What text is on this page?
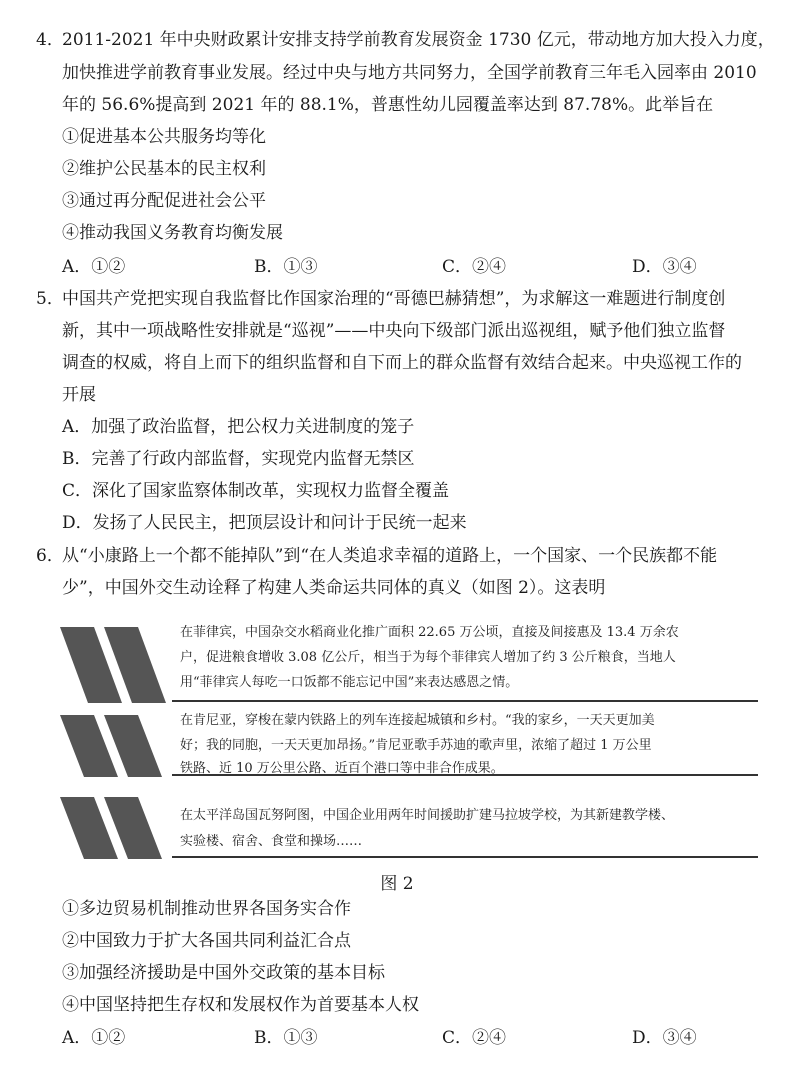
4．
2011-2021 年中央财政累计安排支持学前教育发展资金 1730 亿元，带动地方加大投入力度，
加快推进学前教育事业发展。经过中央与地方共同努力，全国学前教育三年毛入园率由 2010
年的 56.6%提高到 2021 年的 88.1%，普惠性幼儿园覆盖率达到 87.78%。此举旨在
①促进基本公共服务均等化
②维护公民基本的民主权利
③通过再分配促进社会公平
④推动我国义务教育均衡发展
A．①②	B．①③	C．②④	D．③④
5．
中国共产党把实现自我监督比作国家治理的“哥德巴赫猜想”，为求解这一难题进行制度创
新，其中一项战略性安排就是“巡视”——中央向下级部门派出巡视组，赋予他们独立监督
调查的权威，将自上而下的组织监督和自下而上的群众监督有效结合起来。中央巡视工作的
开展
A．加强了政治监督，把公权力关进制度的笼子
B．完善了行政内部监督，实现党内监督无禁区
C．深化了国家监察体制改革，实现权力监督全覆盖
D．发扬了人民民主，把顶层设计和问计于民统一起来
6．
从“小康路上一个都不能掉队”到“在人类追求幸福的道路上，一个国家、一个民族都不能
少”，中国外交生动诠释了构建人类命运共同体的真义（如图 2）。这表明
在菲律宾，中国杂交水稻商业化推广面积 22.65 万公顷，直接及间接惠及 13.4 万余农
户，促进粮食增收 3.08 亿公斤，相当于为每个菲律宾人增加了约 3 公斤粮食，当地人
用“菲律宾人每吃一口饭都不能忘记中国”来表达感恩之情。
在肯尼亚，穿梭在蒙内铁路上的列车连接起城镇和乡村。“我的家乡，一天天更加美
好；我的同胞，一天天更加昂扬。”肯尼亚歌手苏迪的歌声里，浓缩了超过 1 万公里
铁路、近 10 万公里公路、近百个港口等中非合作成果。
在太平洋岛国瓦努阿图，中国企业用两年时间援助扩建马拉坡学校，为其新建教学楼、
实验楼、宿舍、食堂和操场……
图 2
①多边贸易机制推动世界各国务实合作
②中国致力于扩大各国共同利益汇合点
③加强经济援助是中国外交政策的基本目标
④中国坚持把生存权和发展权作为首要基本人权
A．①②	B．①③	C．②④	D．③④
